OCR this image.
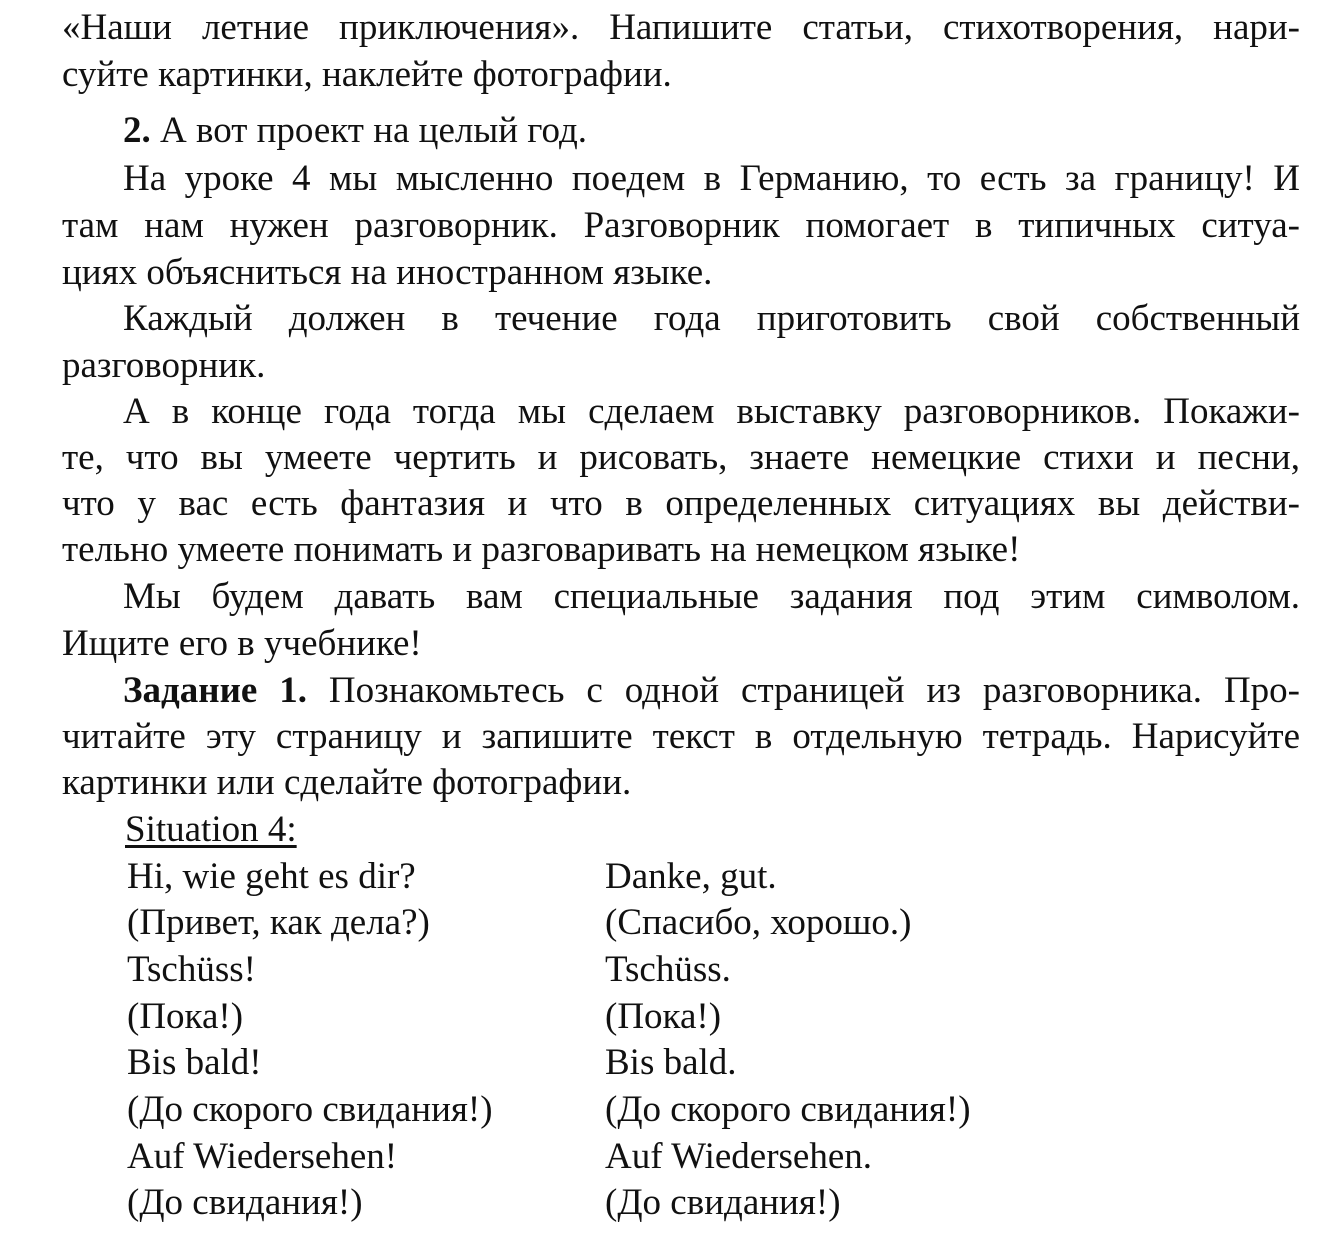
«Наши летние приключения». Напишите статьи, стихотворения, нари-
суйте картинки, наклейте фотографии.
2. А вот проект на целый год.
На уроке 4 мы мысленно поедем в Германию, то есть за границу! И
там нам нужен разговорник. Разговорник помогает в типичных ситуа-
циях объясниться на иностранном языке.
Каждый должен в течение года приготовить свой собственный
разговорник.
А в конце года тогда мы сделаем выставку разговорников. Покажи-
те, что вы умеете чертить и рисовать, знаете немецкие стихи и песни,
что у вас есть фантазия и что в определенных ситуациях вы действи-
тельно умеете понимать и разговаривать на немецком языке!
Мы будем давать вам специальные задания под этим символом.
Ищите его в учебнике!
Задание 1. Познакомьтесь с одной страницей из разговорника. Про-
читайте эту страницу и запишите текст в отдельную тетрадь. Нарисуйте
картинки или сделайте фотографии.
Situation 4:
Hi, wie geht es dir?	Danke, gut.
(Привет, как дела?)	(Спасибо, хорошо.)
Tschüss!	Tschüss.
(Пока!)	(Пока!)
Bis bald!	Bis bald.
(До скорого свидания!)	(До скорого свидания!)
Auf Wiedersehen!	Auf Wiedersehen.
(До свидания!)	(До свидания!)
